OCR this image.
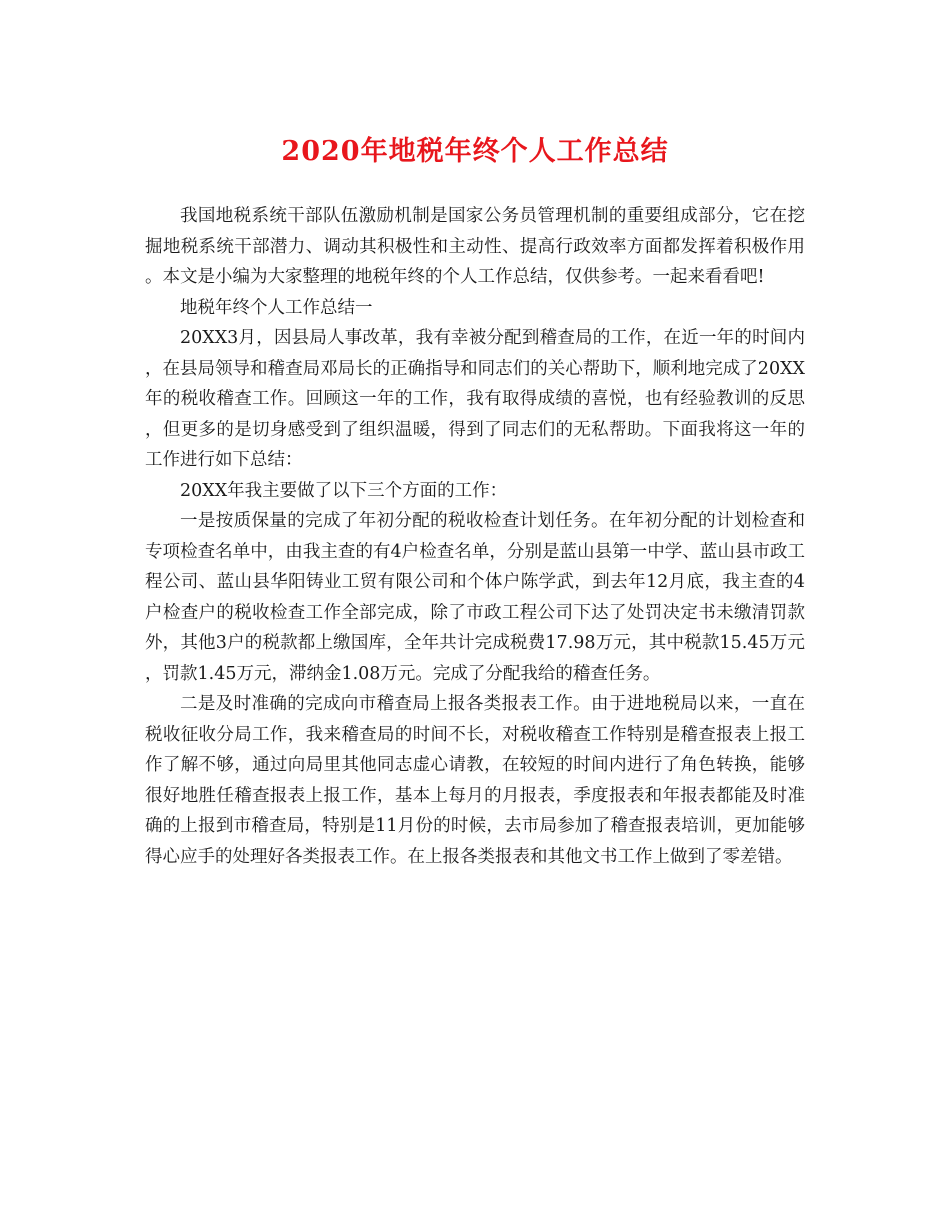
2020年地税年终个人工作总结

我国地税系统干部队伍激励机制是国家公务员管理机制的重要组成部分，它在挖掘地税系统干部潜力、调动其积极性和主动性、提高行政效率方面都发挥着积极作用。本文是小编为大家整理的地税年终的个人工作总结，仅供参考。一起来看看吧!

地税年终个人工作总结一

20XX3月，因县局人事改革，我有幸被分配到稽查局的工作，在近一年的时间内，在县局领导和稽查局邓局长的正确指导和同志们的关心帮助下，顺利地完成了20XX年的税收稽查工作。回顾这一年的工作，我有取得成绩的喜悦，也有经验教训的反思，但更多的是切身感受到了组织温暖，得到了同志们的无私帮助。下面我将这一年的工作进行如下总结：

20XX年我主要做了以下三个方面的工作：

一是按质保量的完成了年初分配的税收检查计划任务。在年初分配的计划检查和专项检查名单中，由我主查的有4户检查名单，分别是蓝山县第一中学、蓝山县市政工程公司、蓝山县华阳铸业工贸有限公司和个体户陈学武，到去年12月底，我主查的4户检查户的税收检查工作全部完成，除了市政工程公司下达了处罚决定书未缴清罚款外，其他3户的税款都上缴国库，全年共计完成税费17.98万元，其中税款15.45万元，罚款1.45万元，滞纳金1.08万元。完成了分配我给的稽查任务。

二是及时准确的完成向市稽查局上报各类报表工作。由于进地税局以来，一直在税收征收分局工作，我来稽查局的时间不长，对税收稽查工作特别是稽查报表上报工作了解不够，通过向局里其他同志虚心请教，在较短的时间内进行了角色转换，能够很好地胜任稽查报表上报工作，基本上每月的月报表，季度报表和年报表都能及时准确的上报到市稽查局，特别是11月份的时候，去市局参加了稽查报表培训，更加能够得心应手的处理好各类报表工作。在上报各类报表和其他文书工作上做到了零差错。
